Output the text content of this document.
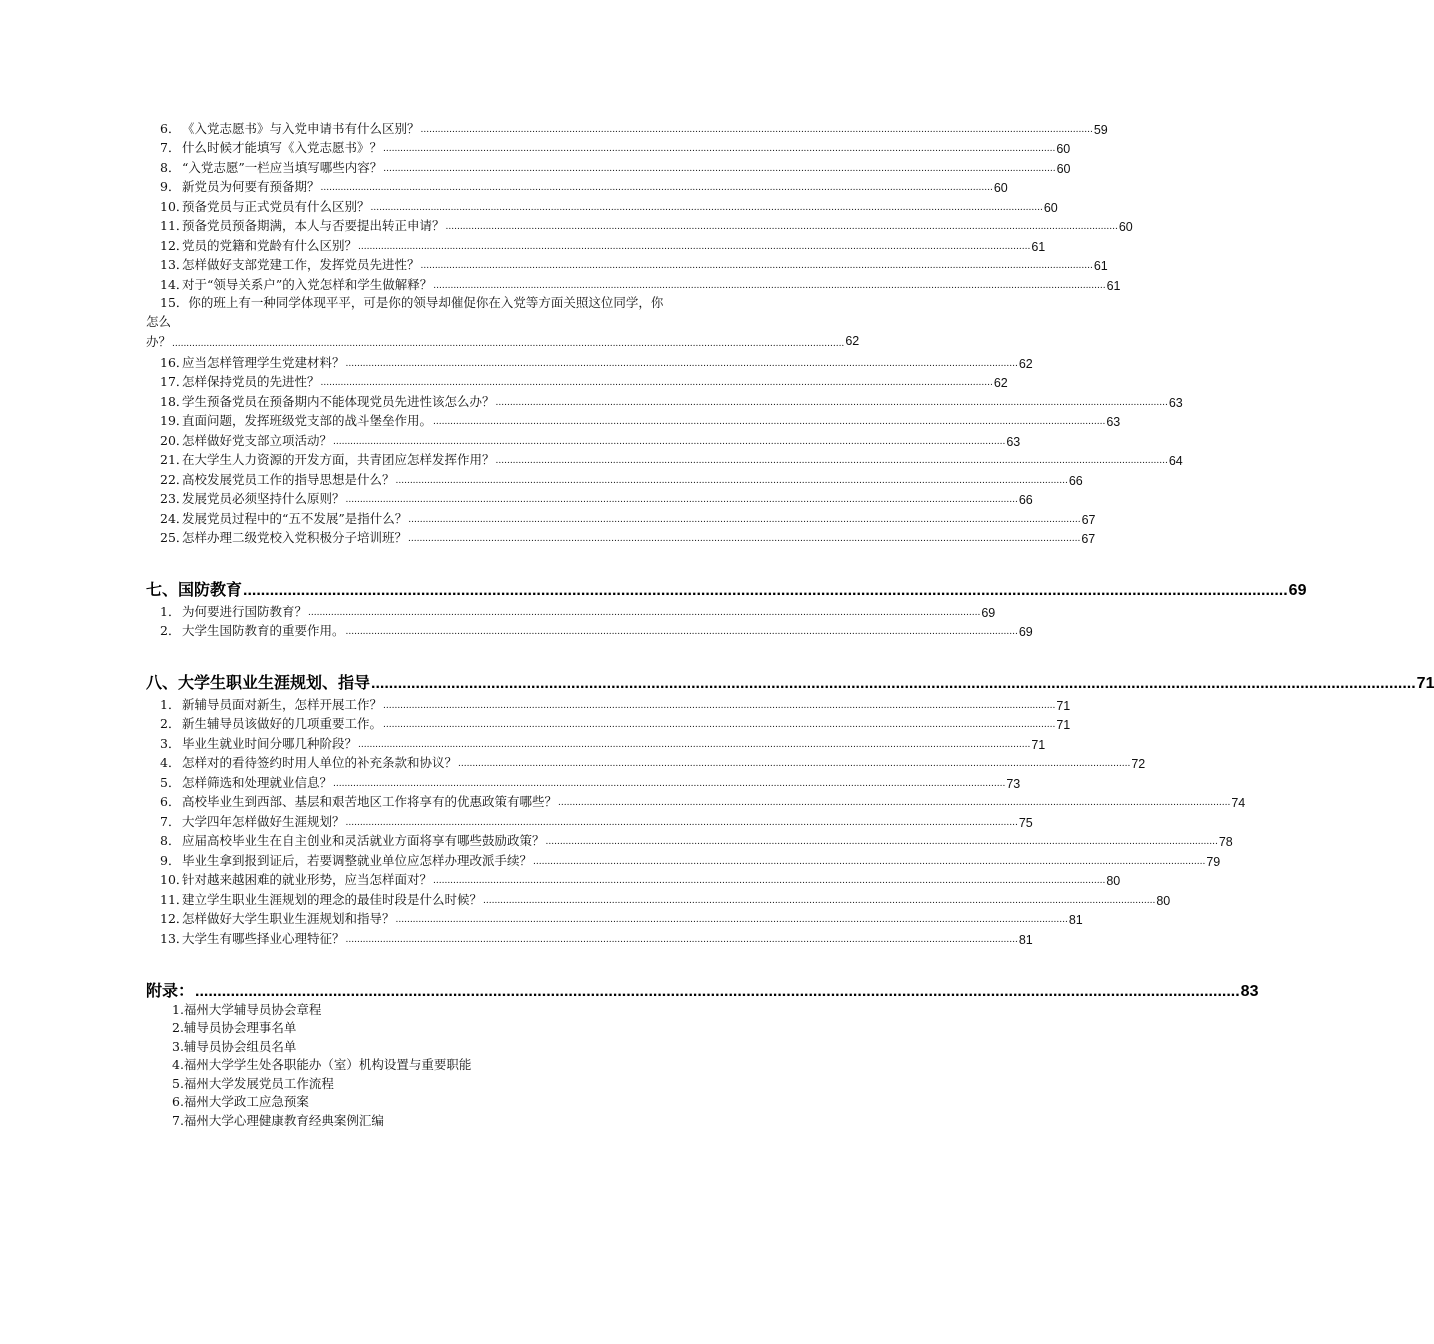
6． 《入党志愿书》与入党申请书有什么区别？ ........................................................................................................................................................................................................................................... 59
7． 什么时候才能填写《入党志愿书》？ ........................................................................................................................................................................................................................................... 60
8． “入党志愿”一栏应当填写哪些内容？ ........................................................................................................................................................................................................................................... 60
9． 新党员为何要有预备期？ ........................................................................................................................................................................................................................................... 60
10．
预备党员与正式党员有什么区别？ ........................................................................................................................................................................................................................................... 60
11．
预备党员预备期满，本人与否要提出转正申请？ ........................................................................................................................................................................................................................................... 60
12．
党员的党籍和党龄有什么区别？ ........................................................................................................................................................................................................................................... 61
13．
怎样做好支部党建工作，发挥党员先进性？ ........................................................................................................................................................................................................................................... 61
14．
对于“领导关系户”的入党怎样和学生做解释？ ........................................................................................................................................................................................................................................... 61
15．你的班上有一种同学体现平平，可是你的领导却催促你在入党等方面关照这位同学，你
怎么办？ ........................................................................................................................................................................................................................................... 62
16．
应当怎样管理学生党建材料？ ........................................................................................................................................................................................................................................... 62
17．
怎样保持党员的先进性？ ........................................................................................................................................................................................................................................... 62
18．
学生预备党员在预备期内不能体现党员先进性该怎么办？ ........................................................................................................................................................................................................................................... 63
19．
直面问题，发挥班级党支部的战斗堡垒作用。 ........................................................................................................................................................................................................................................... 63
20．
怎样做好党支部立项活动？ ........................................................................................................................................................................................................................................... 63
21．
在大学生人力资源的开发方面，共青团应怎样发挥作用？ ........................................................................................................................................................................................................................................... 64
22．
高校发展党员工作的指导思想是什么？ ........................................................................................................................................................................................................................................... 66
23．
发展党员必须坚持什么原则？ ........................................................................................................................................................................................................................................... 66
24．
发展党员过程中的“五不发展”是指什么？ ........................................................................................................................................................................................................................................... 67
25．
怎样办理二级党校入党积极分子培训班？ ........................................................................................................................................................................................................................................... 67
七、国防教育 ........................................................................................................................................................................................................................................... 69
1． 为何要进行国防教育？ ........................................................................................................................................................................................................................................... 69
2． 大学生国防教育的重要作用。 ........................................................................................................................................................................................................................................... 69
八、大学生职业生涯规划、指导 ........................................................................................................................................................................................................................................... 71
1． 新辅导员面对新生，怎样开展工作？ ........................................................................................................................................................................................................................................... 71
2． 新生辅导员该做好的几项重要工作。 ........................................................................................................................................................................................................................................... 71
3． 毕业生就业时间分哪几种阶段？ ........................................................................................................................................................................................................................................... 71
4． 怎样对的看待签约时用人单位的补充条款和协议？ ........................................................................................................................................................................................................................................... 72
5． 怎样筛选和处理就业信息？ ........................................................................................................................................................................................................................................... 73
6． 高校毕业生到西部、基层和艰苦地区工作将享有的优惠政策有哪些？ ........................................................................................................................................................................................................................................... 74
7． 大学四年怎样做好生涯规划？ ........................................................................................................................................................................................................................................... 75
8． 应届高校毕业生在自主创业和灵活就业方面将享有哪些鼓励政策？ ........................................................................................................................................................................................................................................... 78
9． 毕业生拿到报到证后，若要调整就业单位应怎样办理改派手续？ ........................................................................................................................................................................................................................................... 79
10．
针对越来越困难的就业形势，应当怎样面对？ ........................................................................................................................................................................................................................................... 80
11．
建立学生职业生涯规划的理念的最佳时段是什么时候？ ........................................................................................................................................................................................................................................... 80
12．
怎样做好大学生职业生涯规划和指导？ ........................................................................................................................................................................................................................................... 81
13．
大学生有哪些择业心理特征？ ........................................................................................................................................................................................................................................... 81
附录： ........................................................................................................................................................................................................................................... 83
1.福州大学辅导员协会章程
2.辅导员协会理事名单
3.辅导员协会组员名单
4.福州大学学生处各职能办（室）机构设置与重要职能
5.福州大学发展党员工作流程
6.福州大学政工应急预案
7.福州大学心理健康教育经典案例汇编
